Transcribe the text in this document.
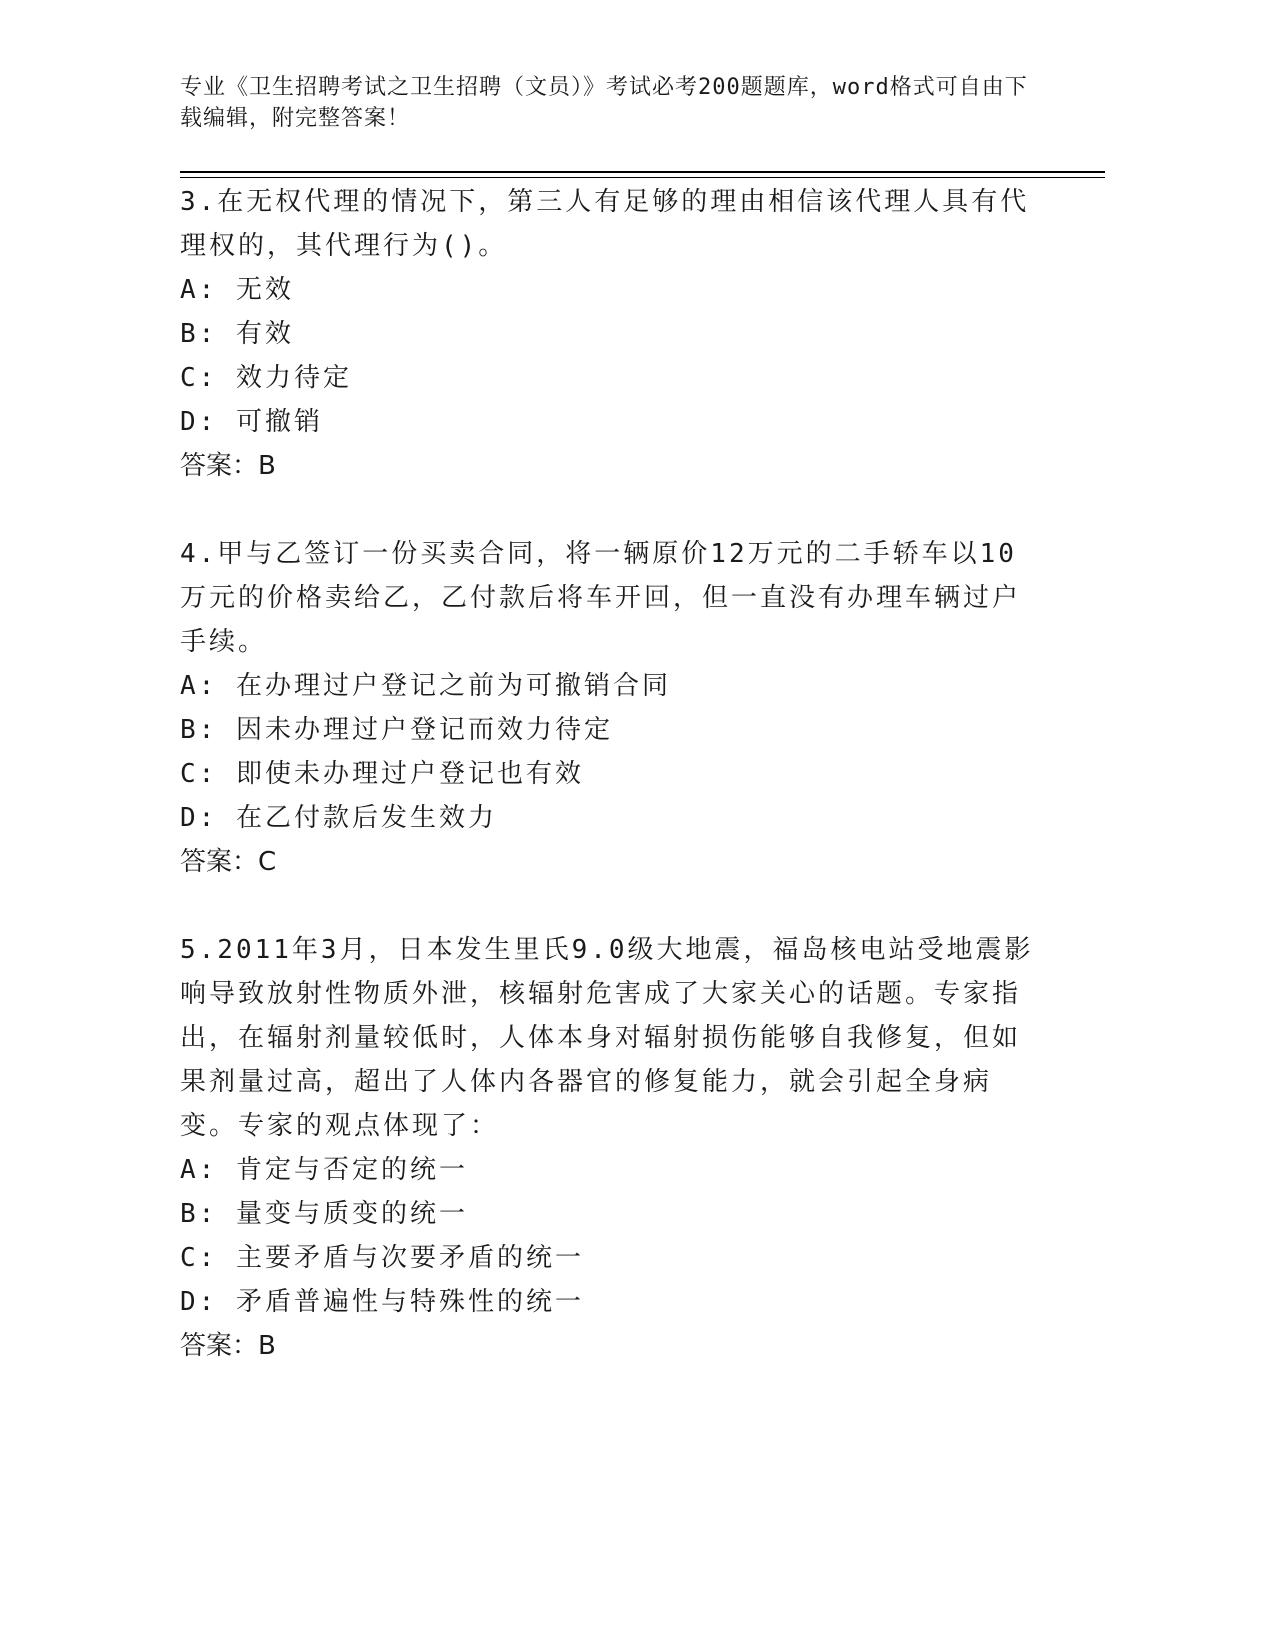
专业《卫生招聘考试之卫生招聘（文员）》考试必考200题题库，word格式可自由下载编辑，附完整答案！
3.在无权代理的情况下，第三人有足够的理由相信该代理人具有代理权的，其代理行为()。
A: 无效
B: 有效
C: 效力待定
D: 可撤销
答案：B
4.甲与乙签订一份买卖合同，将一辆原价12万元的二手轿车以10万元的价格卖给乙，乙付款后将车开回，但一直没有办理车辆过户手续。
A: 在办理过户登记之前为可撤销合同
B: 因未办理过户登记而效力待定
C: 即使未办理过户登记也有效
D: 在乙付款后发生效力
答案：C
5.2011年3月，日本发生里氏9.0级大地震，福岛核电站受地震影响导致放射性物质外泄，核辐射危害成了大家关心的话题。专家指出，在辐射剂量较低时，人体本身对辐射损伤能够自我修复，但如果剂量过高，超出了人体内各器官的修复能力，就会引起全身病变。专家的观点体现了：
A: 肯定与否定的统一
B: 量变与质变的统一
C: 主要矛盾与次要矛盾的统一
D: 矛盾普遍性与特殊性的统一
答案：B
